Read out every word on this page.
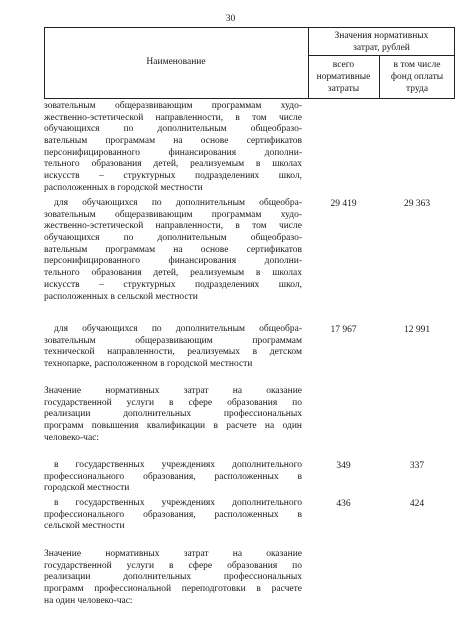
30
Наименование
Значения нормативных
затрат, рублей
всего
нормативные
затраты
в том числе
фонд оплаты
труда
зовательным общеразвивающим программам худо-
жественно-эстетической направленности, в том числе
обучающихся по дополнительным общеобразо-
вательным программам на основе сертификатов
персонифицированного финансирования дополни-
тельного образования детей, реализуемым в школах
искусств – структурных подразделениях школ,
расположенных в городской местности
для обучающихся по дополнительным общеобра-
зовательным общеразвивающим программам худо-
жественно-эстетической направленности, в том числе
обучающихся по дополнительным общеобразо-
вательным программам на основе сертификатов
персонифицированного финансирования дополни-
тельного образования детей, реализуемым в школах
искусств – структурных подразделениях школ,
расположенных в сельской местности
29 419	29 363
для обучающихся по дополнительным общеобра-
зовательным общеразвивающим программам
технической направленности, реализуемых в детском
технопарке, расположенном в городской местности
17 967	12 991
Значение нормативных затрат на оказание
государственной услуги в сфере образования по
реализации дополнительных профессиональных
программ повышения квалификации в расчете на один
человеко-час:
в государственных учреждениях дополнительного
профессионального образования, расположенных в
городской местности
349	337
в государственных учреждениях дополнительного
профессионального образования, расположенных в
сельской местности
436	424
Значение нормативных затрат на оказание
государственной услуги в сфере образования по
реализации дополнительных профессиональных
программ профессиональной переподготовки в расчете
на один человеко-час:
